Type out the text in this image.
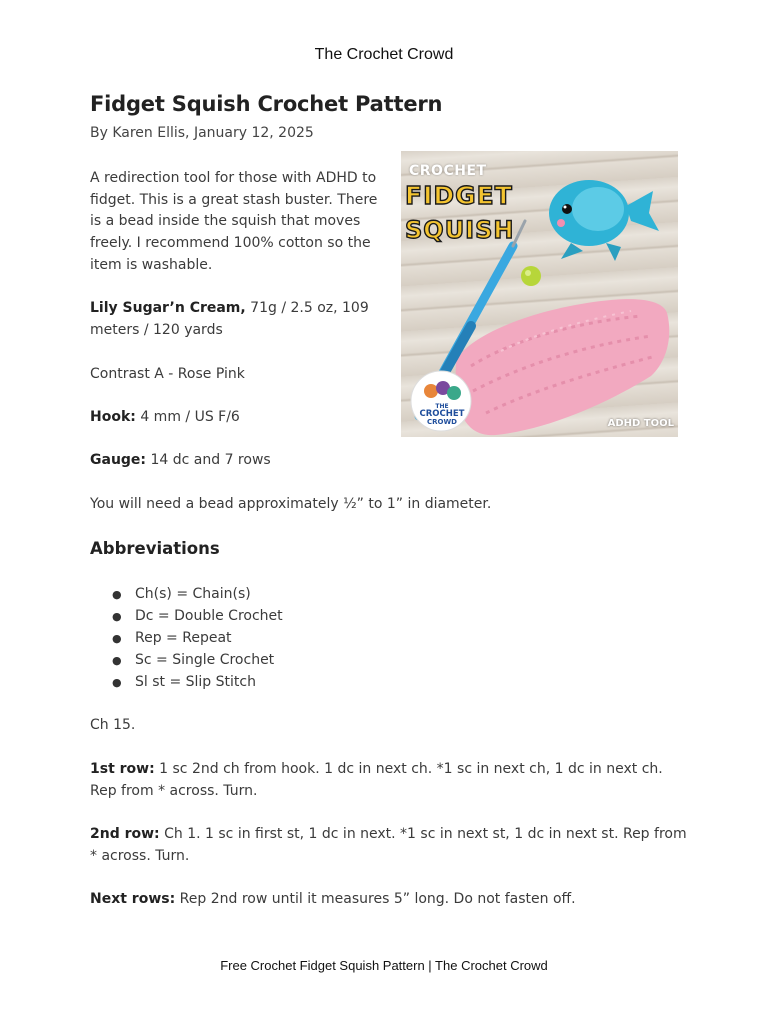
The Crochet Crowd
Fidget Squish Crochet Pattern
By Karen Ellis, January 12, 2025

A redirection tool for those with ADHD to fidget. This is a great stash buster. There is a bead inside the squish that moves freely. I recommend 100% cotton so the item is washable.

Lily Sugar’n Cream, 71g / 2.5 oz, 109 meters / 120 yards

Contrast A - Rose Pink

Hook: 4 mm / US F/6

Gauge: 14 dc and 7 rows

You will need a bead approximately ½” to 1” in diameter.

Abbreviations
● Ch(s) = Chain(s)
● Dc = Double Crochet
● Rep = Repeat
● Sc = Single Crochet
● Sl st = Slip Stitch

Ch 15.

1st row: 1 sc 2nd ch from hook. 1 dc in next ch. *1 sc in next ch, 1 dc in next ch. Rep from * across. Turn.

2nd row: Ch 1. 1 sc in first st, 1 dc in next. *1 sc in next st, 1 dc in next st. Rep from * across. Turn.

Next rows: Rep 2nd row until it measures 5” long. Do not fasten off.

CROCHET
FIDGET
SQUISH
THE
CROCHET
CROWD	ADHD TOOL
Free Crochet Fidget Squish Pattern | The Crochet Crowd
